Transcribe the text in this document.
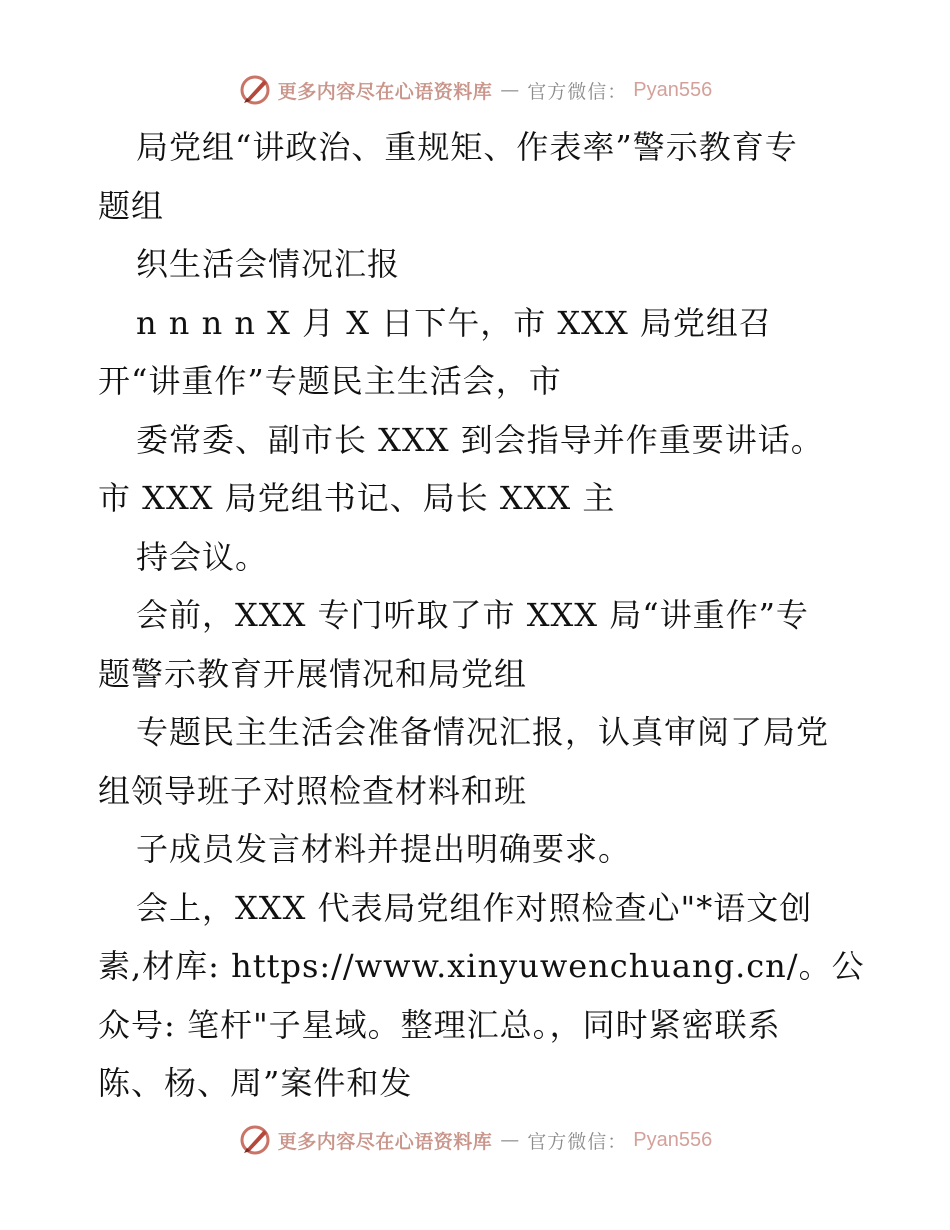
更多内容尽在心语资料库 — 官方微信： Pyan556
局党组“讲政治、重规矩、作表率”警示教育专
题组
织生活会情况汇报
n n n n X 月 X 日下午，市 XXX 局党组召
开“讲重作”专题民主生活会，市
委常委、副市长 XXX 到会指导并作重要讲话。
市 XXX 局党组书记、局长 XXX 主
持会议。
会前，XXX 专门听取了市 XXX 局“讲重作”专
题警示教育开展情况和局党组
专题民主生活会准备情况汇报，认真审阅了局党
组领导班子对照检查材料和班
子成员发言材料并提出明确要求。
会上，XXX 代表局党组作对照检查心"*语文创
素,材库: https://www.xinyuwenchuang.cn/。公
众号: 笔杆"子星域。整理汇总。，同时紧密联系
陈、杨、周”案件和发
更多内容尽在心语资料库 — 官方微信： Pyan556
